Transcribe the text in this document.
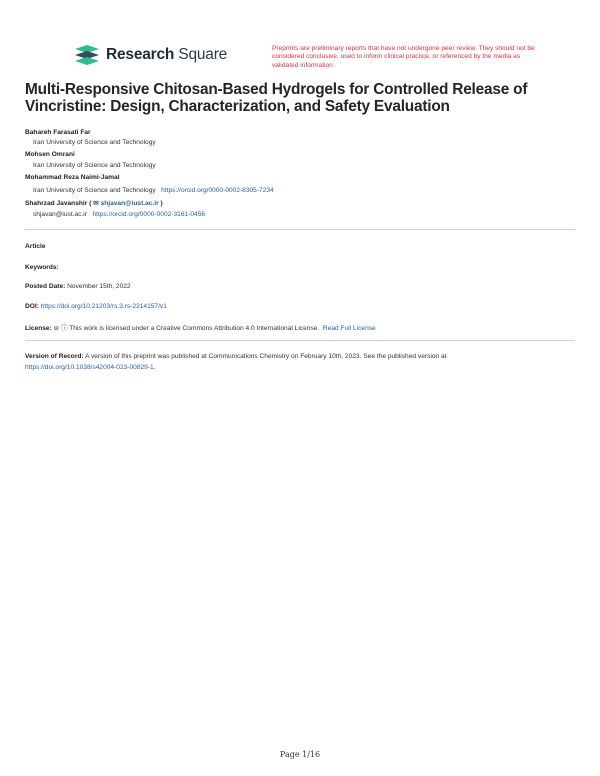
Research Square	Preprints are preliminary reports that have not undergone peer review. They should not be considered conclusive, used to inform clinical practice, or referenced by the media as validated information.
Multi-Responsive Chitosan-Based Hydrogels for Controlled Release of Vincristine: Design, Characterization, and Safety Evaluation
Bahareh Farasati Far
Iran University of Science and Technology
Mohsen Omrani
Iran University of Science and Technology
Mohammad Reza Naimi-Jamal
Iran University of Science and Technology https://orcid.org/0000-0002-8305-7234
Shahrzad Javanshir ( ✉ shjavan@iust.ac.ir )
shjavan@iust.ac.ir https://orcid.org/0000-0002-3161-0456
Article
Keywords:
Posted Date: November 15th, 2022
DOI: https://doi.org/10.21203/rs.3.rs-2214157/v1
License: ⊜ ⓘ This work is licensed under a Creative Commons Attribution 4.0 International License. Read Full License
Version of Record: A version of this preprint was published at Communications Chemistry on February 10th, 2023. See the published version at
https://doi.org/10.1038/s42004-023-00829-1.
Page 1/16
